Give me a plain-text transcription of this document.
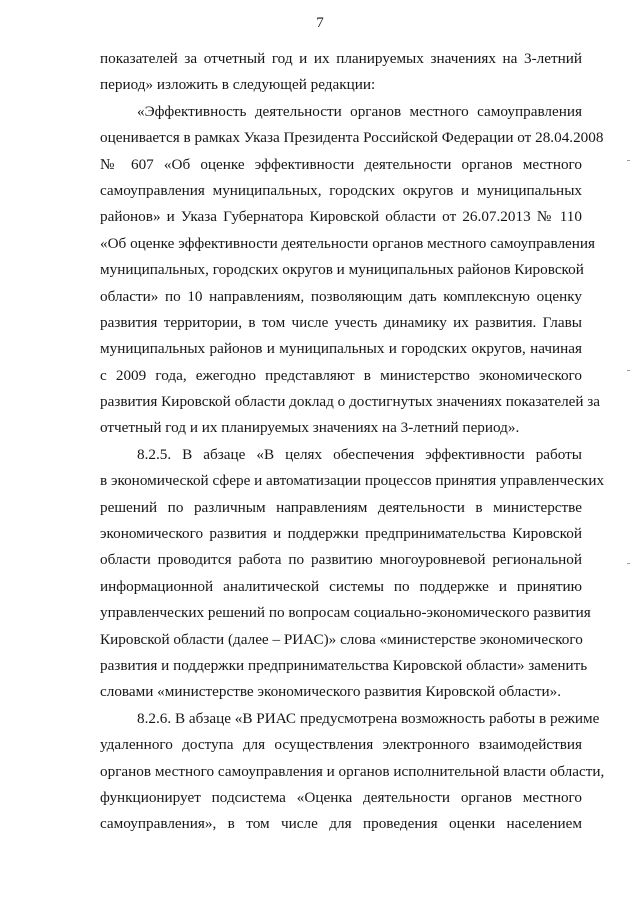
7
показателей за отчетный год и их планируемых значениях на 3-летний
период» изложить в следующей редакции:
«Эффективность деятельности органов местного самоуправления
оценивается в рамках Указа Президента Российской Федерации от 28.04.2008
№ 607 «Об оценке эффективности деятельности органов местного
самоуправления муниципальных, городских округов и муниципальных
районов» и Указа Губернатора Кировской области от 26.07.2013 № 110
«Об оценке эффективности деятельности органов местного самоуправления
муниципальных, городских округов и муниципальных районов Кировской
области» по 10 направлениям, позволяющим дать комплексную оценку
развития территории, в том числе учесть динамику их развития. Главы
муниципальных районов и муниципальных и городских округов, начиная
с 2009 года, ежегодно представляют в министерство экономического
развития Кировской области доклад о достигнутых значениях показателей за
отчетный год и их планируемых значениях на 3-летний период».
8.2.5. В абзаце «В целях обеспечения эффективности работы
в экономической сфере и автоматизации процессов принятия управленческих
решений по различным направлениям деятельности в министерстве
экономического развития и поддержки предпринимательства Кировской
области проводится работа по развитию многоуровневой региональной
информационной аналитической системы по поддержке и принятию
управленческих решений по вопросам социально-экономического развития
Кировской области (далее – РИАС)» слова «министерстве экономического
развития и поддержки предпринимательства Кировской области» заменить
словами «министерстве экономического развития Кировской области».
8.2.6. В абзаце «В РИАС предусмотрена возможность работы в режиме
удаленного доступа для осуществления электронного взаимодействия
органов местного самоуправления и органов исполнительной власти области,
функционирует подсистема «Оценка деятельности органов местного
самоуправления», в том числе для проведения оценки населением
